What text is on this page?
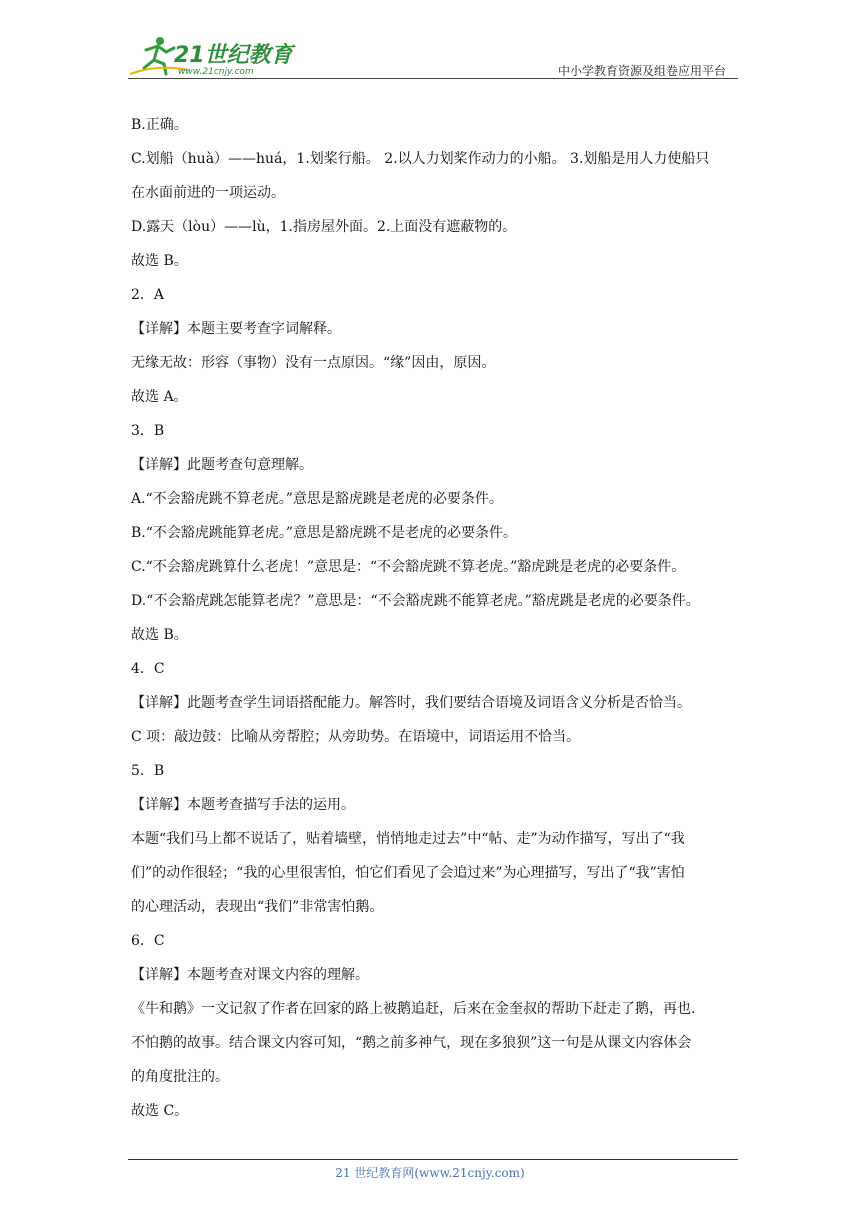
21世纪教育
www.21cnjy.com	中小学教育资源及组卷应用平台

B.正确。

C.划船（huà）——huá，1.划桨行船。 2.以人力划桨作动力的小船。 3.划船是用人力使船只

在水面前进的一项运动。

D.露天（lòu）——lù，1.指房屋外面。2.上面没有遮蔽物的。

故选 B。

2．A

【详解】本题主要考查字词解释。

无缘无故：形容（事物）没有一点原因。“缘”因由，原因。

故选 A。

3．B

【详解】此题考查句意理解。

A.“不会豁虎跳不算老虎。”意思是豁虎跳是老虎的必要条件。

B.“不会豁虎跳能算老虎。”意思是豁虎跳不是老虎的必要条件。

C.“不会豁虎跳算什么老虎！”意思是：“不会豁虎跳不算老虎。”豁虎跳是老虎的必要条件。

D.“不会豁虎跳怎能算老虎？”意思是：“不会豁虎跳不能算老虎。”豁虎跳是老虎的必要条件。

故选 B。

4．C

【详解】此题考查学生词语搭配能力。解答时，我们要结合语境及词语含义分析是否恰当。

C 项：敲边鼓：比喻从旁帮腔；从旁助势。在语境中，词语运用不恰当。

5．B

【详解】本题考查描写手法的运用。

本题“我们马上都不说话了，贴着墙壁，悄悄地走过去”中“帖、走”为动作描写，写出了“我

们”的动作很轻；“我的心里很害怕，怕它们看见了会追过来”为心理描写，写出了“我”害怕

的心理活动，表现出“我们”非常害怕鹅。

6．C

【详解】本题考查对课文内容的理解。

《牛和鹅》一文记叙了作者在回家的路上被鹅追赶，后来在金奎叔的帮助下赶走了鹅，再也.

不怕鹅的故事。结合课文内容可知，“鹅之前多神气，现在多狼狈”这一句是从课文内容体会

的角度批注的。

故选 C。

21 世纪教育网(www.21cnjy.com)
